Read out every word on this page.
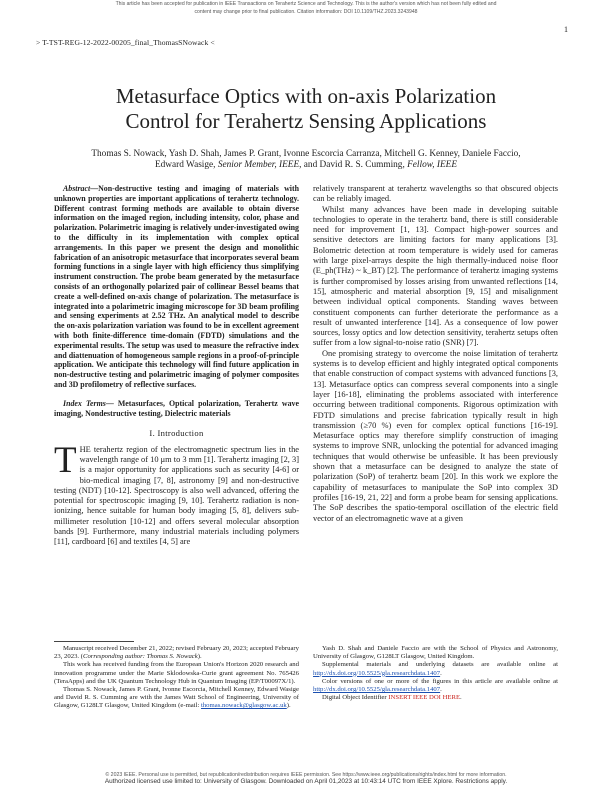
This article has been accepted for publication in IEEE Transactions on Terahertz Science and Technology. This is the author's version which has not been fully edited and
content may change prior to final publication. Citation information: DOI 10.1109/THZ.2023.3243948
1
> T-TST-REG-12-2022-00205_final_ThomasSNowack <
Metasurface Optics with on-axis Polarization
Control for Terahertz Sensing Applications
Thomas S. Nowack, Yash D. Shah, James P. Grant, Ivonne Escorcia Carranza, Mitchell G. Kenney, Daniele Faccio,
Edward Wasige, Senior Member, IEEE, and David R. S. Cumming, Fellow, IEEE

Abstract—Non-destructive testing and imaging of materials with unknown properties are important applications of terahertz technology. Different contrast forming methods are available to obtain diverse information on the imaged region, including intensity, color, phase and polarization. Polarimetric imaging is relatively under-investigated owing to the difficulty in its implementation with complex optical arrangements. In this paper we present the design and monolithic fabrication of an anisotropic metasurface that incorporates several beam forming functions in a single layer with high efficiency thus simplifying instrument construction. The probe beam generated by the metasurface consists of an orthogonally polarized pair of collinear Bessel beams that create a well-defined on-axis change of polarization. The metasurface is integrated into a polarimetric imaging microscope for 3D beam profiling and sensing experiments at 2.52 THz. An analytical model to describe the on-axis polarization variation was found to be in excellent agreement with both finite-difference time-domain (FDTD) simulations and the experimental results. The setup was used to measure the refractive index and diattenuation of homogeneous sample regions in a proof-of-principle application. We anticipate this technology will find future application in non-destructive testing and polarimetric imaging of polymer composites and 3D profilometry of reflective surfaces.

Index Terms— Metasurfaces, Optical polarization, Terahertz wave imaging, Nondestructive testing, Dielectric materials

I. Introduction

THE terahertz region of the electromagnetic spectrum lies in the wavelength range of 10 μm to 3 mm [1]. Terahertz imaging [2, 3] is a major opportunity for applications such as security [4-6] or bio-medical imaging [7, 8], astronomy [9] and non-destructive testing (NDT) [10-12]. Spectroscopy is also well advanced, offering the potential for spectroscopic imaging [9, 10]. Terahertz radiation is non-ionizing, hence suitable for human body imaging [5, 8], delivers sub-millimeter resolution [10-12] and offers several molecular absorption bands [9]. Furthermore, many industrial materials including polymers [11], cardboard [6] and textiles [4, 5] are

relatively transparent at terahertz wavelengths so that obscured objects can be reliably imaged.

Whilst many advances have been made in developing suitable technologies to operate in the terahertz band, there is still considerable need for improvement [1, 13]. Compact high-power sources and sensitive detectors are limiting factors for many applications [3]. Bolometric detection at room temperature is widely used for cameras with large pixel-arrays despite the high thermally-induced noise floor (E_ph(THz) ~ k_BT) [2]. The performance of terahertz imaging systems is further compromised by losses arising from unwanted reflections [14, 15], atmospheric and material absorption [9, 15] and misalignment between individual optical components. Standing waves between constituent components can further deteriorate the performance as a result of unwanted interference [14]. As a consequence of low power sources, lossy optics and low detection sensitivity, terahertz setups often suffer from a low signal-to-noise ratio (SNR) [7].

One promising strategy to overcome the noise limitation of terahertz systems is to develop efficient and highly integrated optical components that enable construction of compact systems with advanced functions [3, 13]. Metasurface optics can compress several components into a single layer [16-18], eliminating the problems associated with interference occurring between traditional components. Rigorous optimization with FDTD simulations and precise fabrication typically result in high transmission (≥70 %) even for complex optical functions [16-19]. Metasurface optics may therefore simplify construction of imaging systems to improve SNR, unlocking the potential for advanced imaging techniques that would otherwise be unfeasible. It has been previously shown that a metasurface can be designed to analyze the state of polarization (SoP) of terahertz beam [20]. In this work we explore the capability of metasurfaces to manipulate the SoP into complex 3D profiles [16-19, 21, 22] and form a probe beam for sensing applications. The SoP describes the spatio-temporal oscillation of the electric field vector of an electromagnetic wave at a given

Manuscript received December 21, 2022; revised February 20, 2023; accepted February 23, 2023. (Corresponding author: Thomas S. Nowack).

This work has received funding from the European Union's Horizon 2020 research and innovation programme under the Marie Sklodowska-Curie grant agreement No. 765426 (TeraApps) and the UK Quantum Technology Hub in Quantum Imaging (EP/T00097X/1).

Thomas S. Nowack, James P. Grant, Ivonne Escorcia, Mitchell Kenney, Edward Wasige and David R. S. Cumming are with the James Watt School of Engineering, University of Glasgow, G128LT Glasgow, United Kingdom (e-mail: thomas.nowack@glasgow.ac.uk).

Yash D. Shah and Daniele Faccio are with the School of Physics and Astronomy, University of Glasgow, G128LT Glasgow, United Kingdom.

Supplemental materials and underlying datasets are available online at http://dx.doi.org/10.5525/gla.researchdata.1407.

Color versions of one or more of the figures in this article are available online at http://dx.doi.org/10.5525/gla.researchdata.1407.

Digital Object Identifier INSERT IEEE DOI HERE.

© 2023 IEEE. Personal use is permitted, but republication/redistribution requires IEEE permission. See https://www.ieee.org/publications/rights/index.html for more information.
Authorized licensed use limited to: University of Glasgow. Downloaded on April 01,2023 at 10:43:14 UTC from IEEE Xplore. Restrictions apply.
